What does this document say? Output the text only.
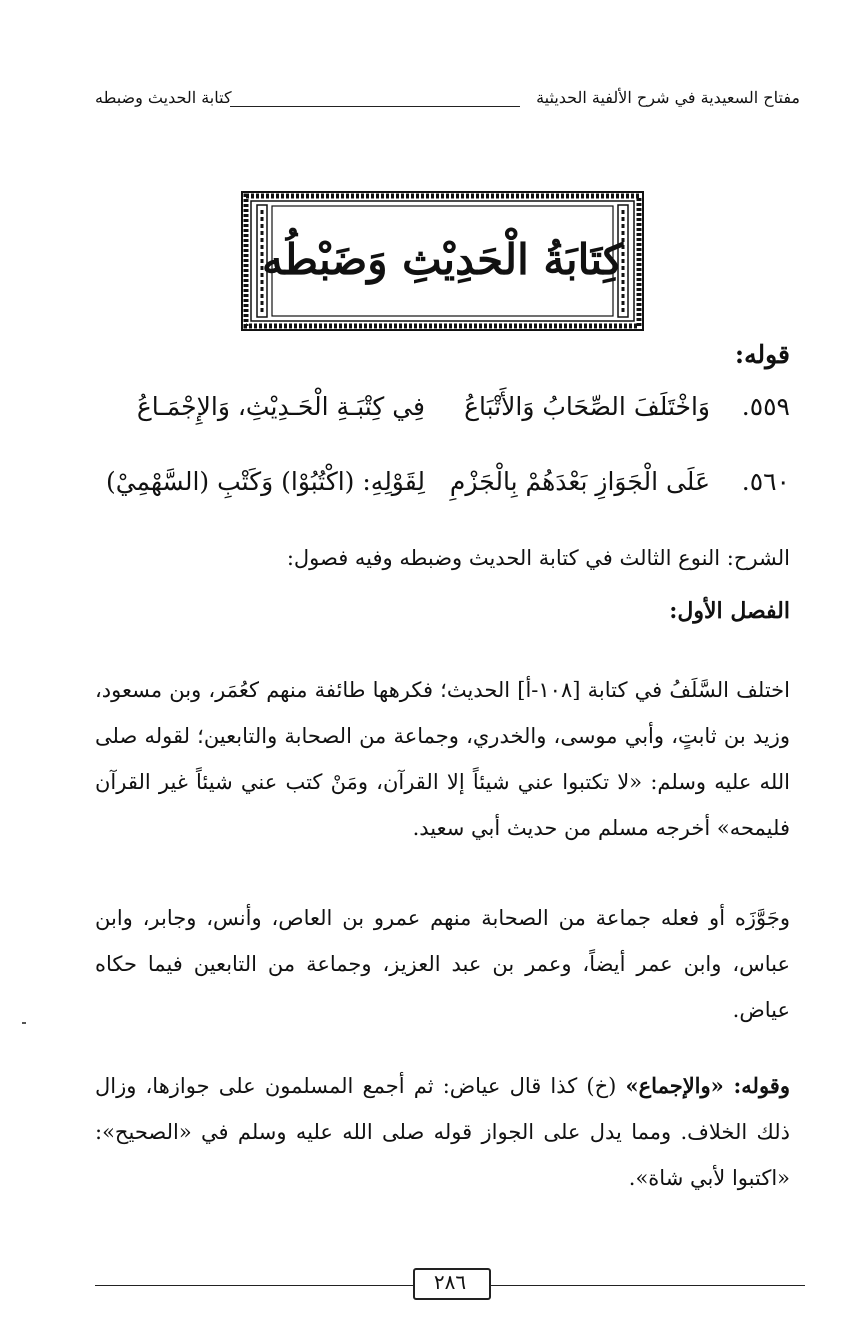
مفتاح السعيدية في شرح الألفية الحديثية
كتابة الحديث وضبطه
كِتَابَةُ الْحَدِيْثِ وَضَبْطُه
قوله:
٥٥٩.
وَاخْتَلَفَ الصِّحَابُ وَالأَتْبَاعُ
فِي كِتْبَـةِ الْحَـدِيْثِ، وَالإِجْمَـاعُ
٥٦٠.
عَلَى الْجَوَازِ بَعْدَهُمْ بِالْجَزْمِ
لِقَوْلِهِ: (اكْتُبُوْا) وَكَتْبِ (السَّهْمِيْ)
الشرح: النوع الثالث في كتابة الحديث وضبطه وفيه فصول:
الفصل الأول:
اختلف السَّلَفُ في كتابة [١٠٨-أ] الحديث؛ فكرهها طائفة منهم كعُمَر، وبن مسعود، وزيد بن ثابتٍ، وأبي موسى، والخدري، وجماعة من الصحابة والتابعين؛ لقوله صلى الله عليه وسلم: «لا تكتبوا عني شيئاً إلا القرآن، ومَنْ كتب عني شيئاً غير القرآن فليمحه» أخرجه مسلم من حديث أبي سعيد.
وجَوَّزَه أو فعله جماعة من الصحابة منهم عمرو بن العاص، وأنس، وجابر، وابن عباس، وابن عمر أيضاً، وعمر بن عبد العزيز، وجماعة من التابعين فيما حكاه عياض.
وقوله: «والإجماع» (خ) كذا قال عياض: ثم أجمع المسلمون على جوازها، وزال ذلك الخلاف. ومما يدل على الجواز قوله صلى الله عليه وسلم في «الصحيح»: «اكتبوا لأبي شاة».
٢٨٦
